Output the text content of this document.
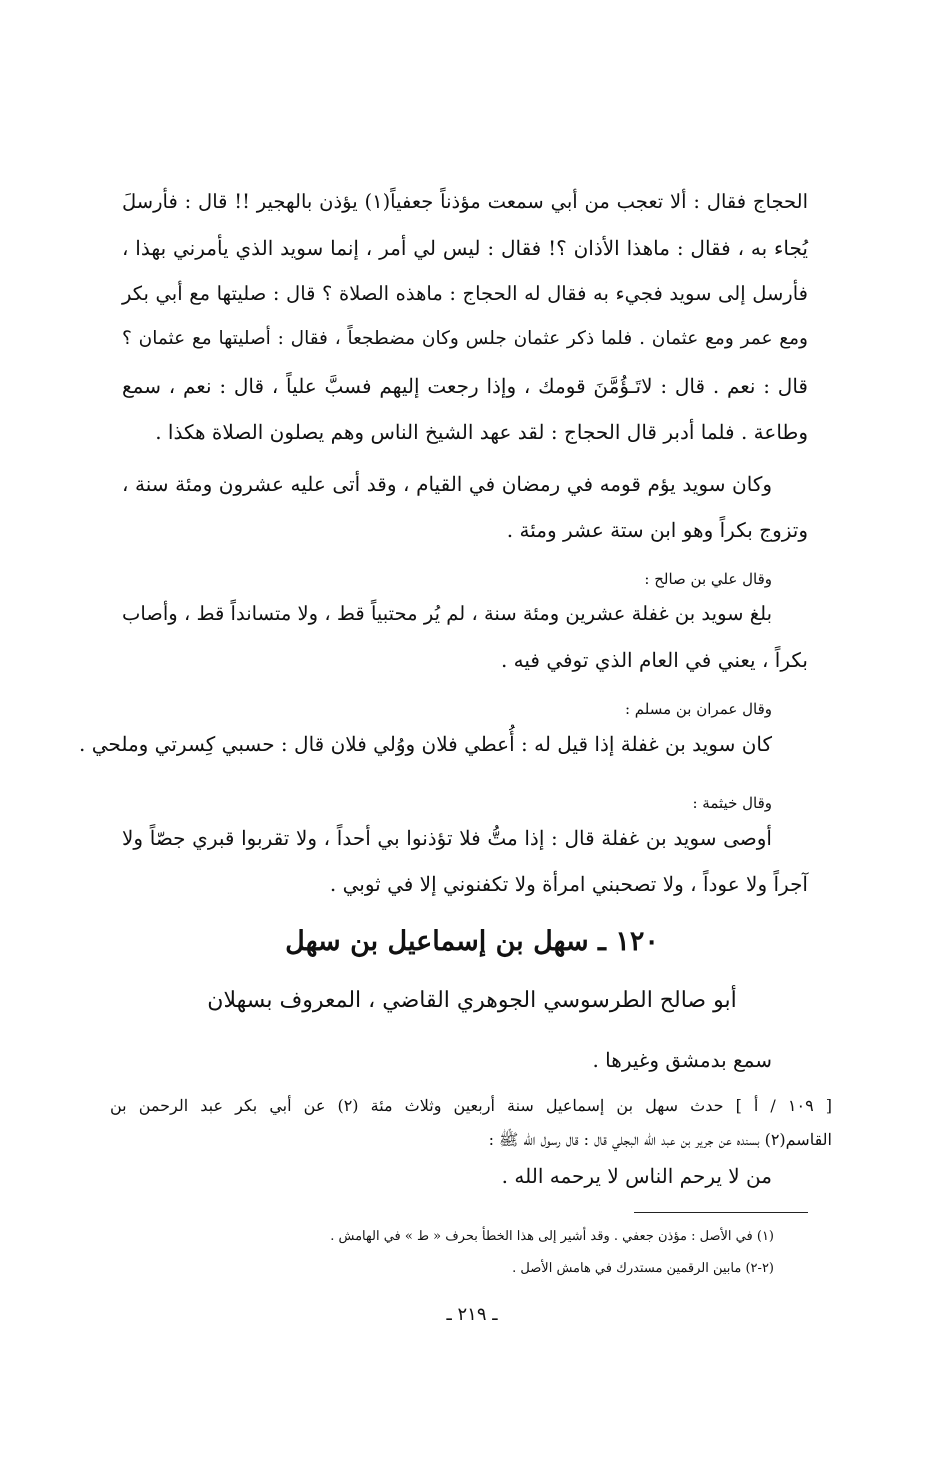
الحجاج فقال : ألا تعجب من أبي سمعت مؤذناً جعفياً(١) يؤذن بالهجير !! قال : فأرسلَ
يُجاء به ، فقال : ماهذا الأذان ؟! فقال : ليس لي أمر ، إنما سويد الذي يأمرني بهذا ،
فأرسل إلى سويد فجيء به فقال له الحجاج : ماهذه الصلاة ؟ قال : صليتها مع أبي بكر
ومع عمر ومع عثمان . فلما ذكر عثمان جلس وكان مضطجعاً ، فقال : أصليتها مع عثمان ؟
قال : نعم . قال : لاتَـؤُمَّنَ قومك ، وإذا رجعت إليهم فسبَّ علياً ، قال : نعم ، سمع
وطاعة . فلما أدبر قال الحجاج : لقد عهد الشيخ الناس وهم يصلون الصلاة هكذا .
وكان سويد يؤم قومه في رمضان في القيام ، وقد أتى عليه عشرون ومئة سنة ،
وتزوج بكراً وهو ابن ستة عشر ومئة .
وقال علي بن صالح :
بلغ سويد بن غفلة عشرين ومئة سنة ، لم يُر محتبياً قط ، ولا متسانداً قط ، وأصاب
بكراً ، يعني في العام الذي توفي فيه .
وقال عمران بن مسلم :
كان سويد بن غفلة إذا قيل له : أُعطي فلان ووُلي فلان قال : حسبي كِسرتي وملحي .
وقال خيثمة :
أوصى سويد بن غفلة قال : إذا متُّ فلا تؤذنوا بي أحداً ، ولا تقربوا قبري جصّاً ولا
آجراً ولا عوداً ، ولا تصحبني امرأة ولا تكفنوني إلا في ثوبي .
١٢٠ ـ سهل بن إسماعيل بن سهل
أبو صالح الطرسوسي الجوهري القاضي ، المعروف بسهلان
سمع بدمشق وغيرها .
[ ١٠٩ / أ ] حدث سهل بن إسماعيل سنة أربعين وثلاث مئة (٢) عن أبي بكر عبد الرحمن بن
القاسم(٢) بسنده عن جرير بن عبد الله البجلي قال : قال رسول الله ﷺ :
من لا يرحم الناس لا يرحمه الله .
(١) في الأصل : مؤذن جعفي . وقد أشير إلى هذا الخطأ بحرف « ط » في الهامش .
(٢-٢) مابين الرقمين مستدرك في هامش الأصل .
ـ ٢١٩ ـ
